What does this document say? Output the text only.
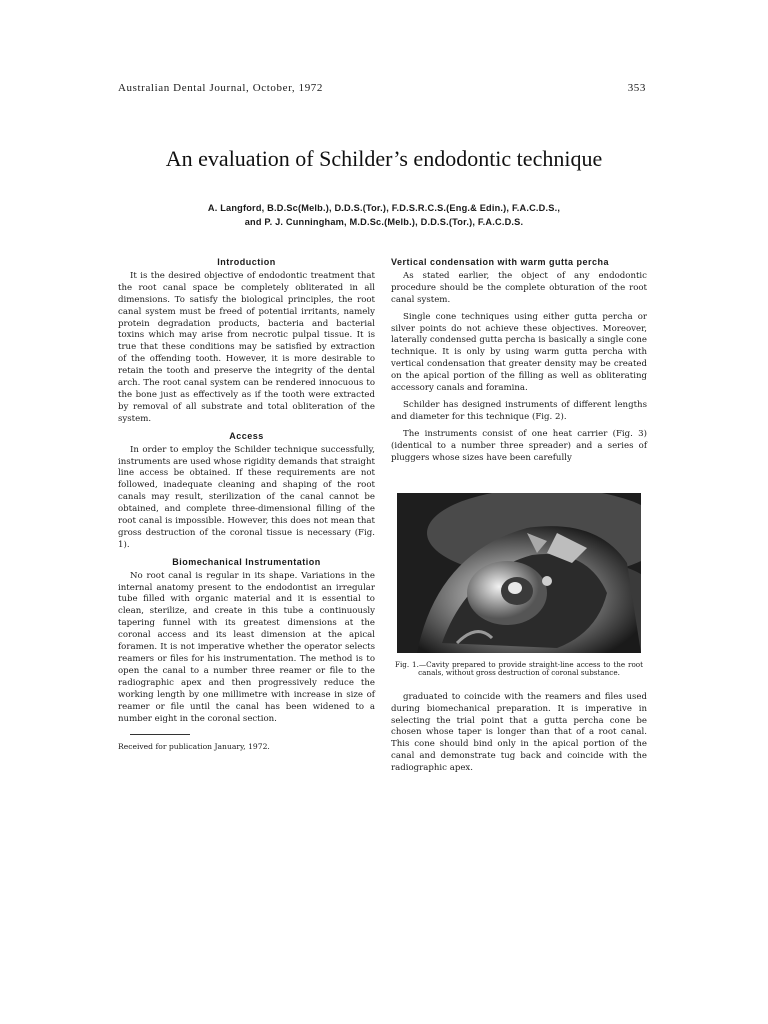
Australian Dental Journal, October, 1972	353
An evaluation of Schilder’s endodontic technique
A. Langford, B.D.Sc(Melb.), D.D.S.(Tor.), F.D.S.R.C.S.(Eng.& Edin.), F.A.C.D.S.,
and P. J. Cunningham, M.D.Sc.(Melb.), D.D.S.(Tor.), F.A.C.D.S.
Introduction

It is the desired objective of endodontic treatment that the root canal space be completely obliterated in all dimensions. To satisfy the biological principles, the root canal system must be freed of potential irritants, namely protein degradation products, bacteria and bacterial toxins which may arise from necrotic pulpal tissue. It is true that these conditions may be satisfied by extraction of the offending tooth. However, it is more desirable to retain the tooth and preserve the integrity of the dental arch. The root canal system can be rendered innocuous to the bone just as effectively as if the tooth were extracted by removal of all substrate and total obliteration of the system.

Access

In order to employ the Schilder technique successfully, instruments are used whose rigidity demands that straight line access be obtained. If these requirements are not followed, inadequate cleaning and shaping of the root canals may result, sterilization of the canal cannot be obtained, and complete three-dimensional filling of the root canal is impossible. However, this does not mean that gross destruction of the coronal tissue is necessary (Fig. 1).

Biomechanical Instrumentation

No root canal is regular in its shape. Variations in the internal anatomy present to the endodontist an irregular tube filled with organic material and it is essential to clean, sterilize, and create in this tube a continuously tapering funnel with its greatest dimensions at the coronal access and its least dimension at the apical foramen. It is not imperative whether the operator selects reamers or files for his instrumentation. The method is to open the canal to a number three reamer or file to the radiographic apex and then progressively reduce the working length by one millimetre with increase in size of reamer or file until the canal has been widened to a number eight in the coronal section.

Received for publication January, 1972.

Vertical condensation with warm gutta percha

As stated earlier, the object of any endodontic procedure should be the complete obturation of the root canal system.

Single cone techniques using either gutta percha or silver points do not achieve these objectives. Moreover, laterally condensed gutta percha is basically a single cone technique. It is only by using warm gutta percha with vertical condensation that greater density may be created on the apical portion of the filling as well as obliterating accessory canals and foramina.

Schilder has designed instruments of different lengths and diameter for this technique (Fig. 2).

The instruments consist of one heat carrier (Fig. 3) (identical to a number three spreader) and a series of pluggers whose sizes have been carefully

Fig. 1.—Cavity prepared to provide straight-line access to the root canals, without gross destruction of coronal substance.

graduated to coincide with the reamers and files used during biomechanical preparation. It is imperative in selecting the trial point that a gutta percha cone be chosen whose taper is longer than that of a root canal. This cone should bind only in the apical portion of the canal and demonstrate tug back and coincide with the radiographic apex.
